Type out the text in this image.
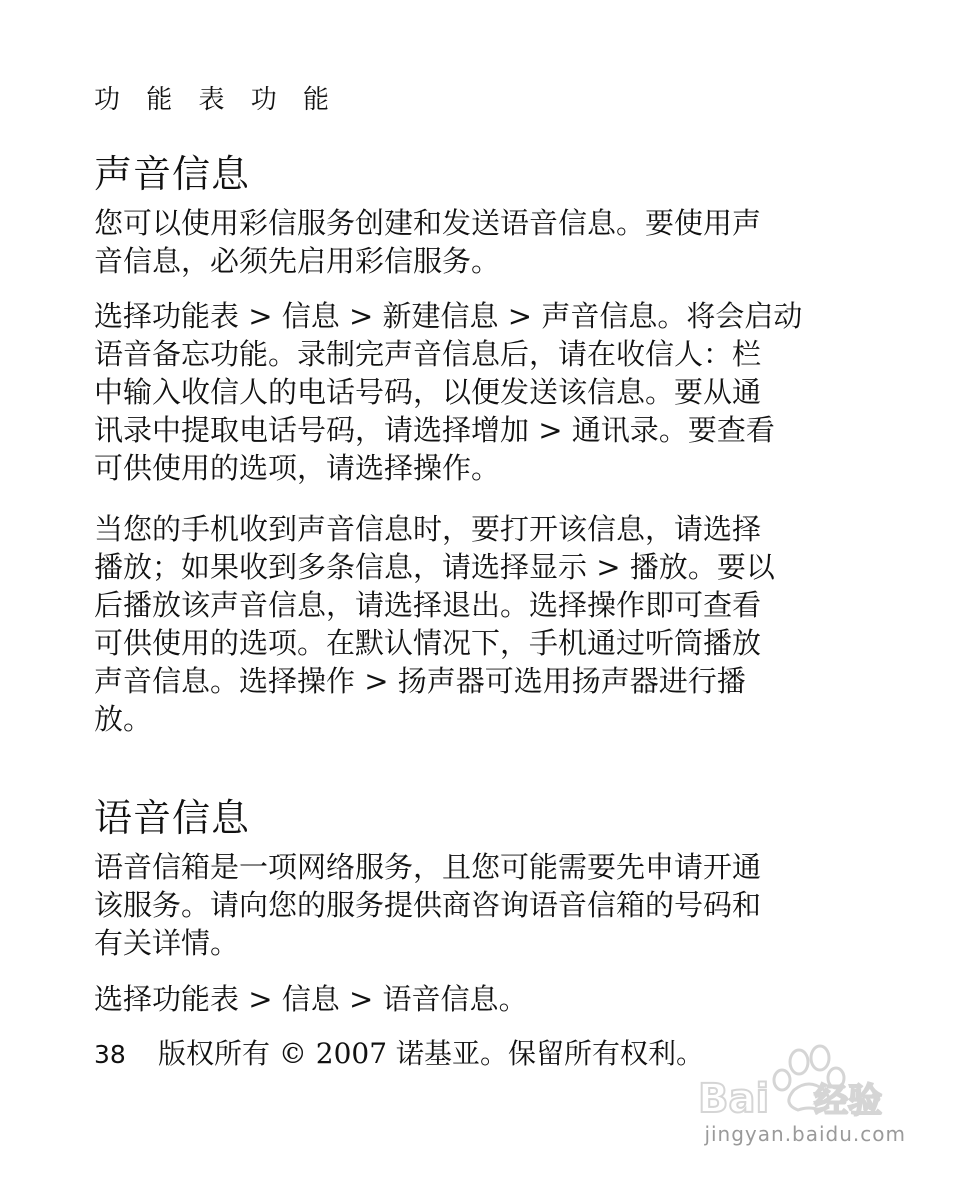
功 能 表 功 能
声音信息

您可以使用彩信服务创建和发送语音信息。要使用声
音信息，必须先启用彩信服务。

选择功能表 > 信息 > 新建信息 > 声音信息。将会启动
语音备忘功能。录制完声音信息后，请在收信人：栏
中输入收信人的电话号码，以便发送该信息。要从通
讯录中提取电话号码，请选择增加 > 通讯录。要查看
可供使用的选项，请选择操作。

当您的手机收到声音信息时，要打开该信息，请选择
播放；如果收到多条信息，请选择显示 > 播放。要以
后播放该声音信息，请选择退出。选择操作即可查看
可供使用的选项。在默认情况下，手机通过听筒播放
声音信息。选择操作 > 扬声器可选用扬声器进行播
放。

语音信息

语音信箱是一项网络服务，且您可能需要先申请开通
该服务。请向您的服务提供商咨询语音信箱的号码和
有关详情。

选择功能表 > 信息 > 语音信息。

38 版权所有 © 2007 诺基亚。保留所有权利。

Bai 经验
jingyan.baidu.com
